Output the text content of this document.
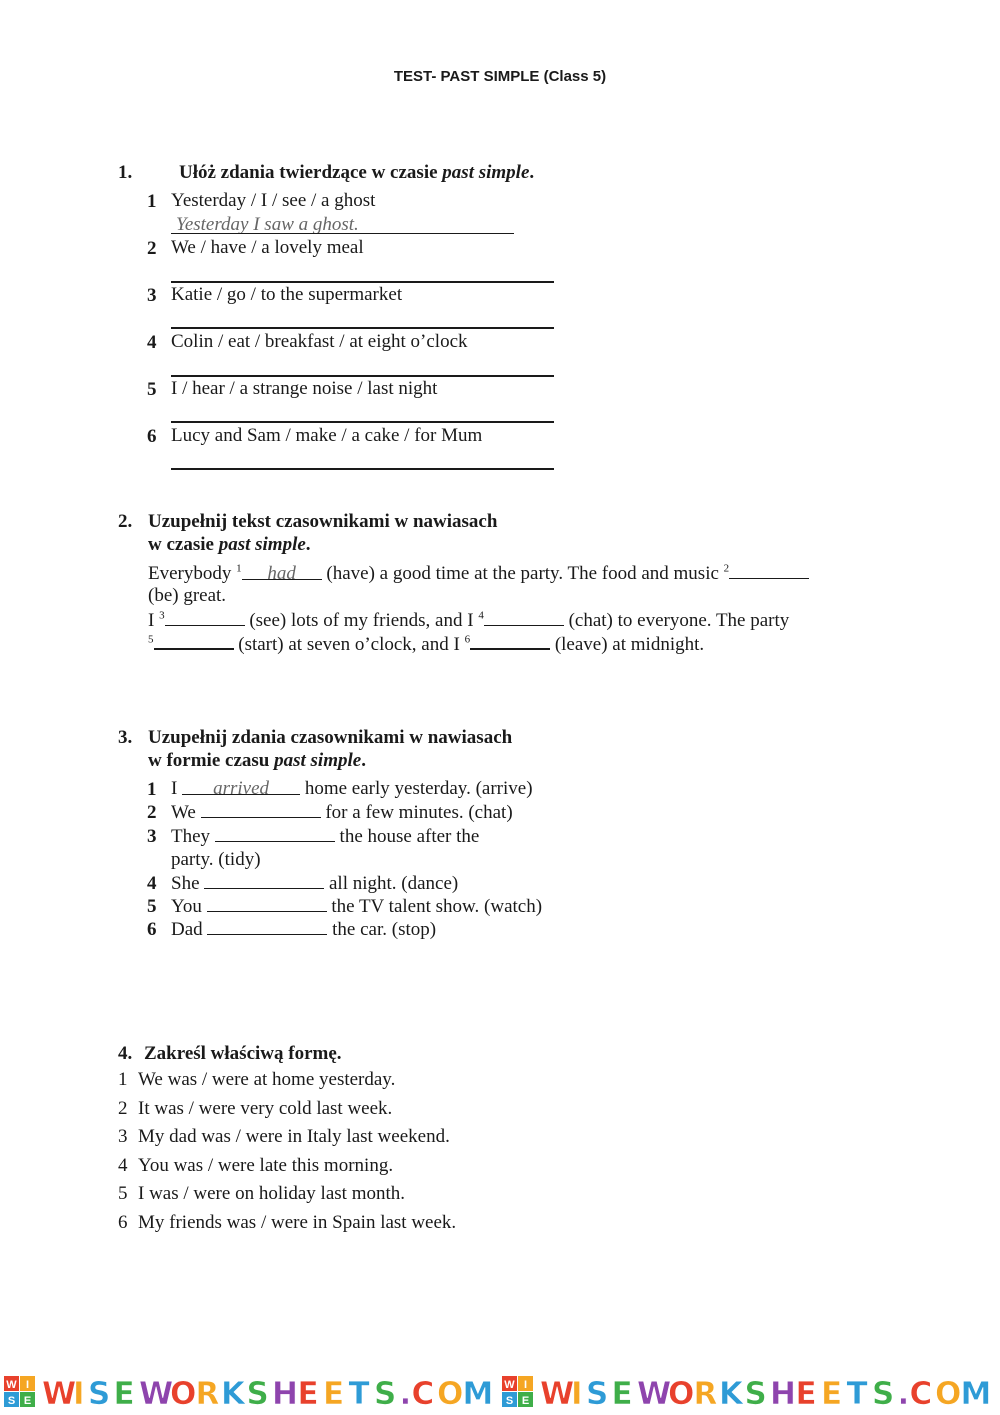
TEST- PAST SIMPLE (Class 5)
1. Ułóż zdania twierdzące w czasie past simple.
1 Yesterday / I / see / a ghost
Yesterday I saw a ghost.
2 We / have / a lovely meal
3 Katie / go / to the supermarket
4 Colin / eat / breakfast / at eight o’clock
5 I / hear / a strange noise / last night
6 Lucy and Sam / make / a cake / for Mum
2. Uzupełnij tekst czasownikami w nawiasach
w czasie past simple.
Everybody $^1$ had (have) a good time at the party. The food and music $^2$
(be) great.
I $^3$	(see) lots of my friends, and I $^4$	(chat) to everyone. The party
$^5$	(start) at seven o’clock, and I $^6$	(leave) at midnight.
3. Uzupełnij zdania czasownikami w nawiasach
w formie czasu past simple.
1 I arrived home early yesterday. (arrive)
2 We	for a few minutes. (chat)
3 They	the house after the
party. (tidy)
4 She	all night. (dance)
5 You	the TV talent show. (watch)
6 Dad	the car. (stop)
4. Zakreśl właściwą formę.
1 We was / were at home yesterday.
2 It was / were very cold last week.
3 My dad was / were in Italy last weekend.
4 You was / were late this morning.
5 I was / were on holiday last month.
6 My friends was / were in Spain last week.
W I
S E W
I S E W
O R K S H E E T S . C O M W I
S E W
I S E W
O R K S H E E T S . C O M
